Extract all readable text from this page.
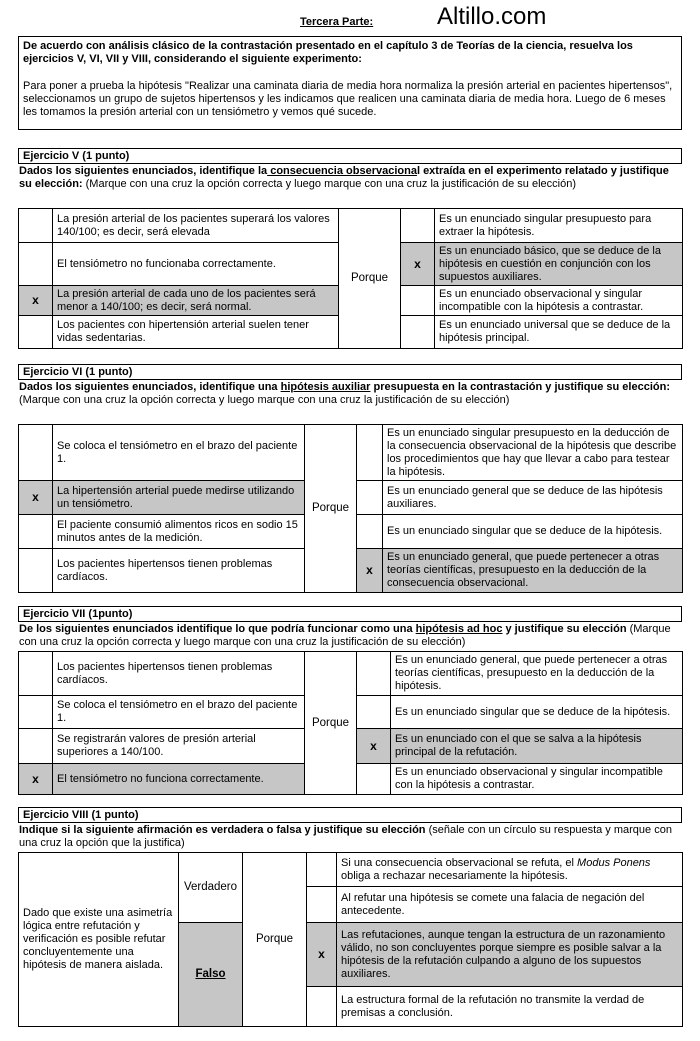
Altillo.com
Tercera Parte:
De acuerdo con análisis clásico de la contrastación presentado en el capítulo 3 de Teorías de la ciencia, resuelva los ejercicios V, VI, VII y VIII, considerando el siguiente experimento:
Para poner a prueba la hipótesis "Realizar una caminata diaria de media hora normaliza la presión arterial en pacientes hipertensos", seleccionamos un grupo de sujetos hipertensos y les indicamos que realicen una caminata diaria de media hora. Luego de 6 meses les tomamos la presión arterial con un tensiómetro y vemos qué sucede.
Ejercicio V (1 punto)
Dados los siguientes enunciados, identifique la consecuencia observacional extraída en el experimento relatado y justifique su elección: (Marque con una cruz la opción correcta y luego marque con una cruz la justificación de su elección)
	La presión arterial de los pacientes superará los valores 140/100; es decir, será elevada	Porque		Es un enunciado singular presupuesto para extraer la hipótesis.
	El tensiómetro no funcionaba correctamente.		x	Es un enunciado básico, que se deduce de la hipótesis en cuestión en conjunción con los supuestos auxiliares.
x	La presión arterial de cada uno de los pacientes será menor a 140/100; es decir, será normal.			Es un enunciado observacional y singular incompatible con la hipótesis a contrastar.
	Los pacientes con hipertensión arterial suelen tener vidas sedentarias.			Es un enunciado universal que se deduce de la hipótesis principal.
Ejercicio VI (1 punto)
Dados los siguientes enunciados, identifique una hipótesis auxiliar presupuesta en la contrastación y justifique su elección: (Marque con una cruz la opción correcta y luego marque con una cruz la justificación de su elección)
	Se coloca el tensiómetro en el brazo del paciente 1.	Porque		Es un enunciado singular presupuesto en la deducción de la consecuencia observacional de la hipótesis que describe los procedimientos que hay que llevar a cabo para testear la hipótesis.
x	La hipertensión arterial puede medirse utilizando un tensiómetro.			Es un enunciado general que se deduce de las hipótesis auxiliares.
	El paciente consumió alimentos ricos en sodio 15 minutos antes de la medición.			Es un enunciado singular que se deduce de la hipótesis.
	Los pacientes hipertensos tienen problemas cardíacos.		x	Es un enunciado general, que puede pertenecer a otras teorías científicas, presupuesto en la deducción de la consecuencia observacional.
Ejercicio VII (1punto)
De los siguientes enunciados identifique lo que podría funcionar como una hipótesis ad hoc y justifique su elección (Marque con una cruz la opción correcta y luego marque con una cruz la justificación de su elección)
	Los pacientes hipertensos tienen problemas cardíacos.	Porque		Es un enunciado general, que puede pertenecer a otras teorías científicas, presupuesto en la deducción de la hipótesis.
	Se coloca el tensiómetro en el brazo del paciente 1.			Es un enunciado singular que se deduce de la hipótesis.
	Se registrarán valores de presión arterial superiores a 140/100.		x	Es un enunciado con el que se salva a la hipótesis principal de la refutación.
x	El tensiómetro no funciona correctamente.			Es un enunciado observacional y singular incompatible con la hipótesis a contrastar.
Ejercicio VIII (1 punto)
Indique si la siguiente afirmación es verdadera o falsa y justifique su elección (señale con un círculo su respuesta y marque con una cruz la opción que la justifica)
Dado que existe una asimetría lógica entre refutación y verificación es posible refutar concluyentemente una hipótesis de manera aislada.	Verdadero	Porque		Si una consecuencia observacional se refuta, el Modus Ponens obliga a rechazar necesariamente la hipótesis.
				Al refutar una hipótesis se comete una falacia de negación del antecedente.
	Falso		x	Las refutaciones, aunque tengan la estructura de un razonamiento válido, no son concluyentes porque siempre es posible salvar a la hipótesis de la refutación culpando a alguno de los supuestos auxiliares.
				La estructura formal de la refutación no transmite la verdad de premisas a conclusión.
